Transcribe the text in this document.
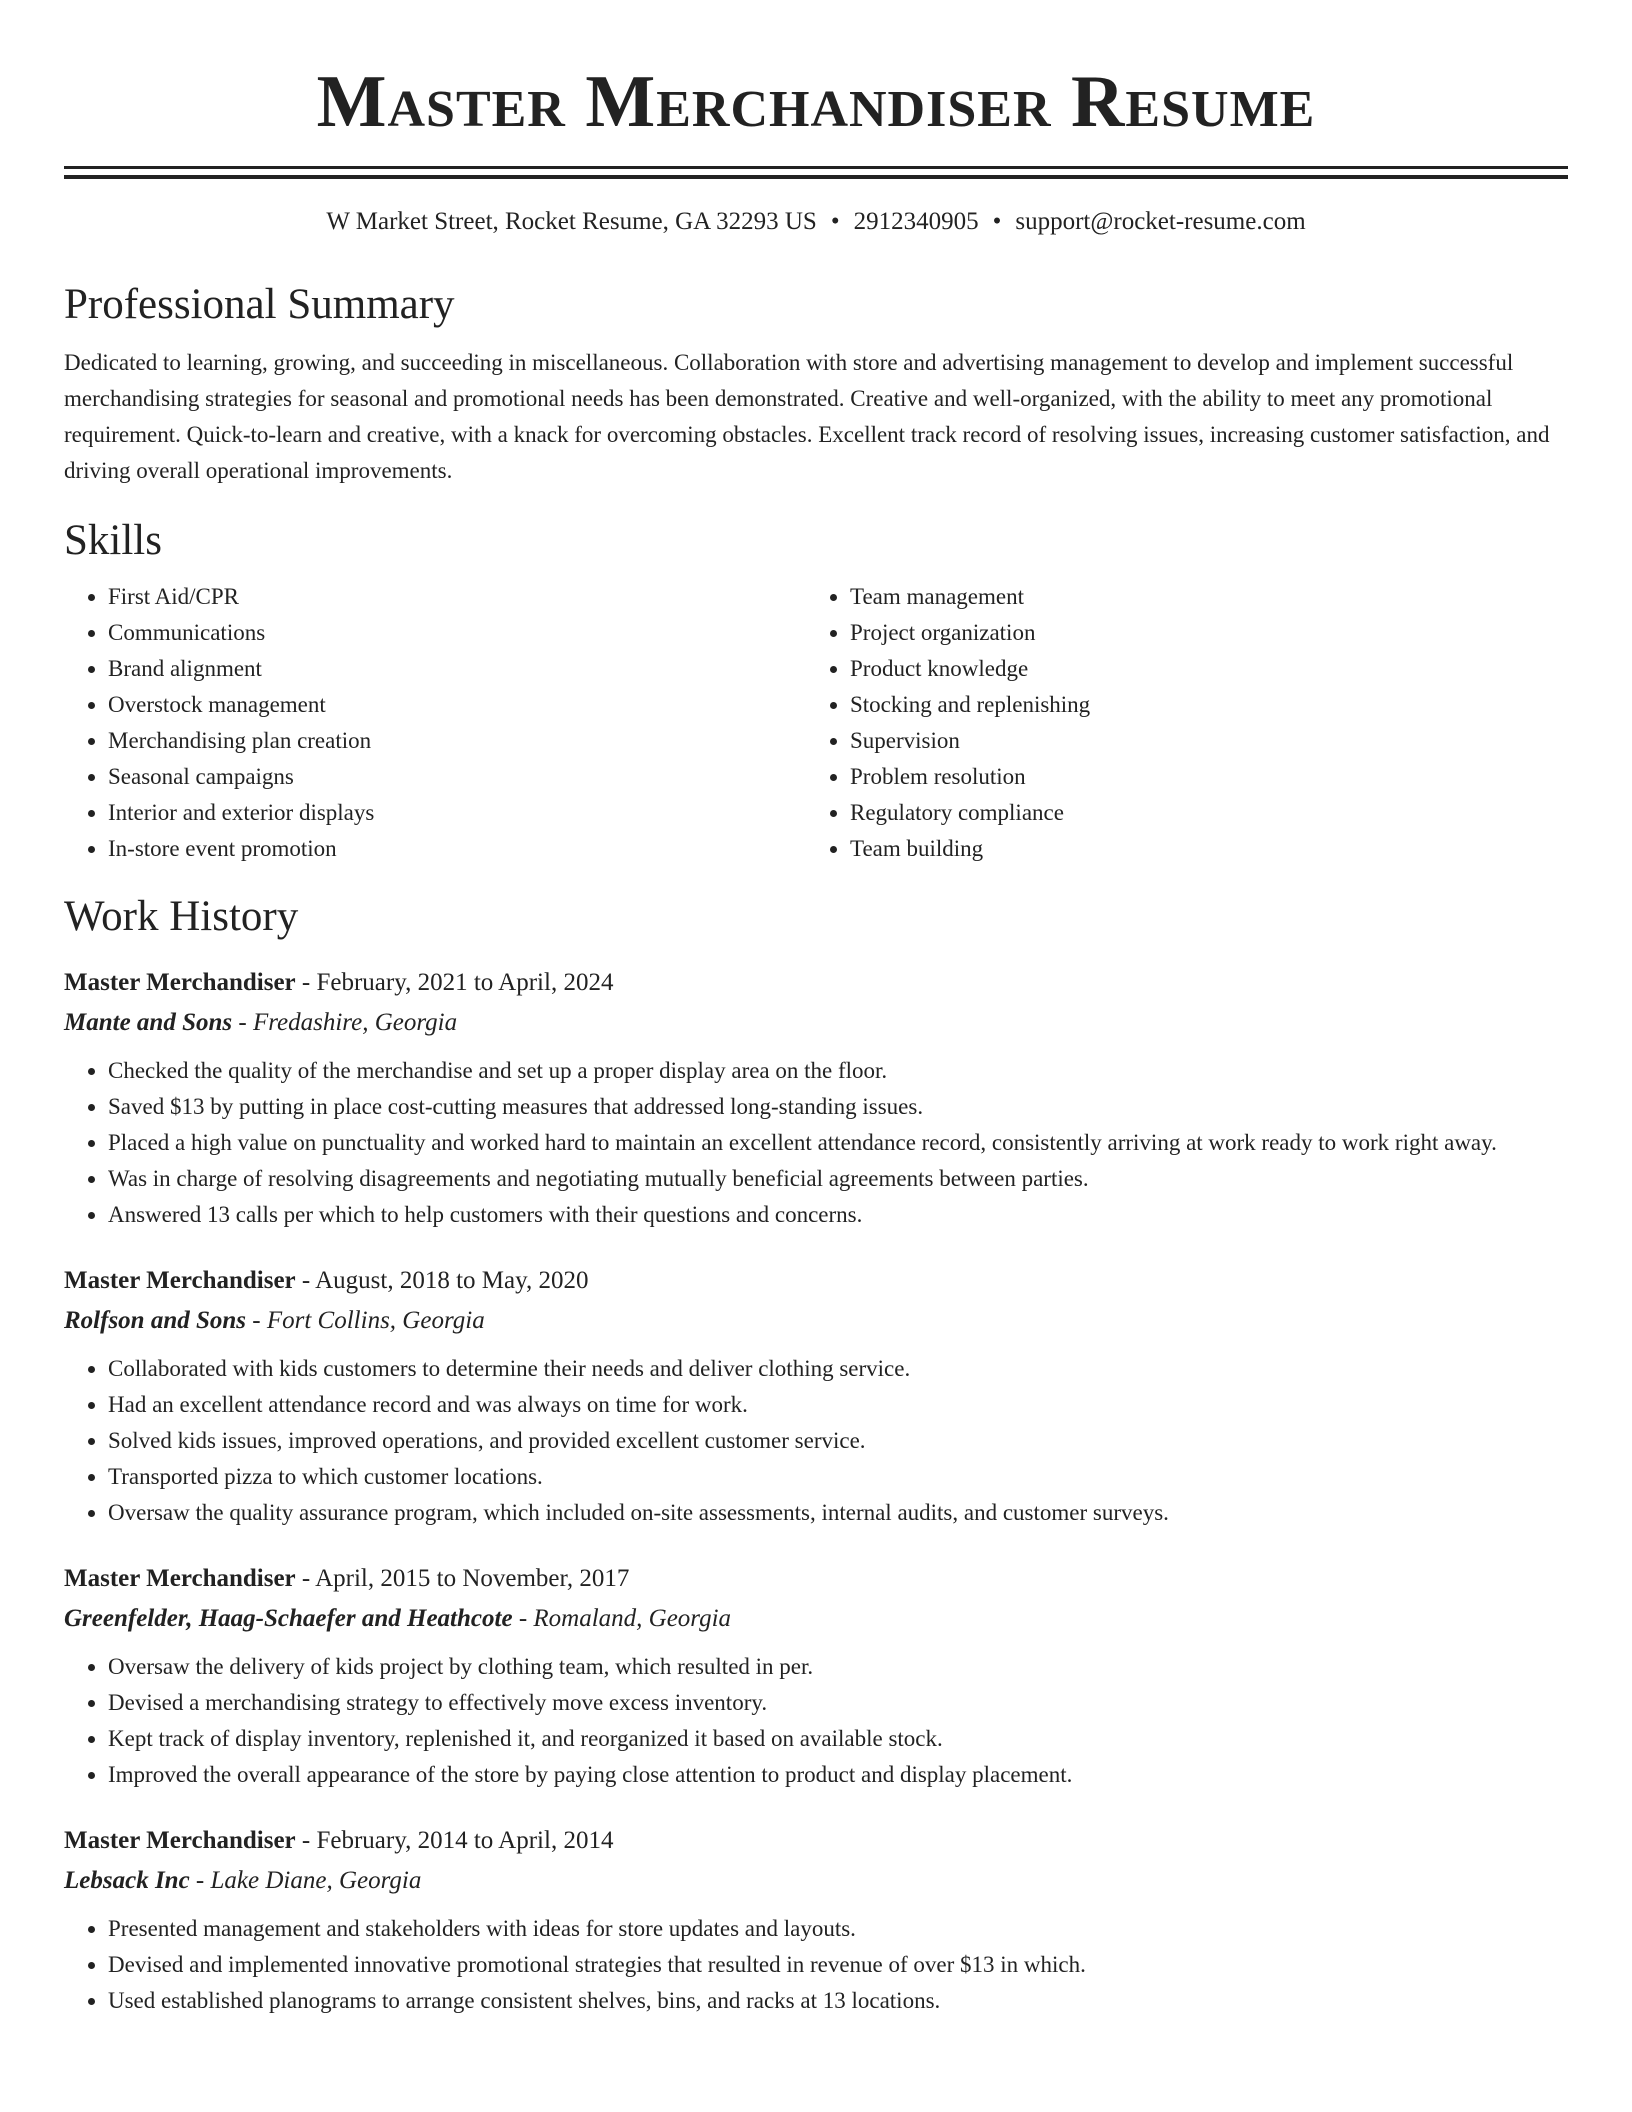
Master Merchandiser Resume
W Market Street, Rocket Resume, GA 32293 US • 2912340905 • support@rocket-resume.com
Professional Summary
Dedicated to learning, growing, and succeeding in miscellaneous. Collaboration with store and advertising management to develop and implement successful merchandising strategies for seasonal and promotional needs has been demonstrated. Creative and well-organized, with the ability to meet any promotional requirement. Quick-to-learn and creative, with a knack for overcoming obstacles. Excellent track record of resolving issues, increasing customer satisfaction, and driving overall operational improvements.
Skills
• First Aid/CPR
• Communications
• Brand alignment
• Overstock management
• Merchandising plan creation
• Seasonal campaigns
• Interior and exterior displays
• In-store event promotion
• Team management
• Project organization
• Product knowledge
• Stocking and replenishing
• Supervision
• Problem resolution
• Regulatory compliance
• Team building
Work History
Master Merchandiser - February, 2021 to April, 2024
Mante and Sons - Fredashire, Georgia
• Checked the quality of the merchandise and set up a proper display area on the floor.
• Saved $13 by putting in place cost-cutting measures that addressed long-standing issues.
• Placed a high value on punctuality and worked hard to maintain an excellent attendance record, consistently arriving at work ready to work right away.
• Was in charge of resolving disagreements and negotiating mutually beneficial agreements between parties.
• Answered 13 calls per which to help customers with their questions and concerns.
Master Merchandiser - August, 2018 to May, 2020
Rolfson and Sons - Fort Collins, Georgia
• Collaborated with kids customers to determine their needs and deliver clothing service.
• Had an excellent attendance record and was always on time for work.
• Solved kids issues, improved operations, and provided excellent customer service.
• Transported pizza to which customer locations.
• Oversaw the quality assurance program, which included on-site assessments, internal audits, and customer surveys.
Master Merchandiser - April, 2015 to November, 2017
Greenfelder, Haag-Schaefer and Heathcote - Romaland, Georgia
• Oversaw the delivery of kids project by clothing team, which resulted in per.
• Devised a merchandising strategy to effectively move excess inventory.
• Kept track of display inventory, replenished it, and reorganized it based on available stock.
• Improved the overall appearance of the store by paying close attention to product and display placement.
Master Merchandiser - February, 2014 to April, 2014
Lebsack Inc - Lake Diane, Georgia
• Presented management and stakeholders with ideas for store updates and layouts.
• Devised and implemented innovative promotional strategies that resulted in revenue of over $13 in which.
• Used established planograms to arrange consistent shelves, bins, and racks at 13 locations.
